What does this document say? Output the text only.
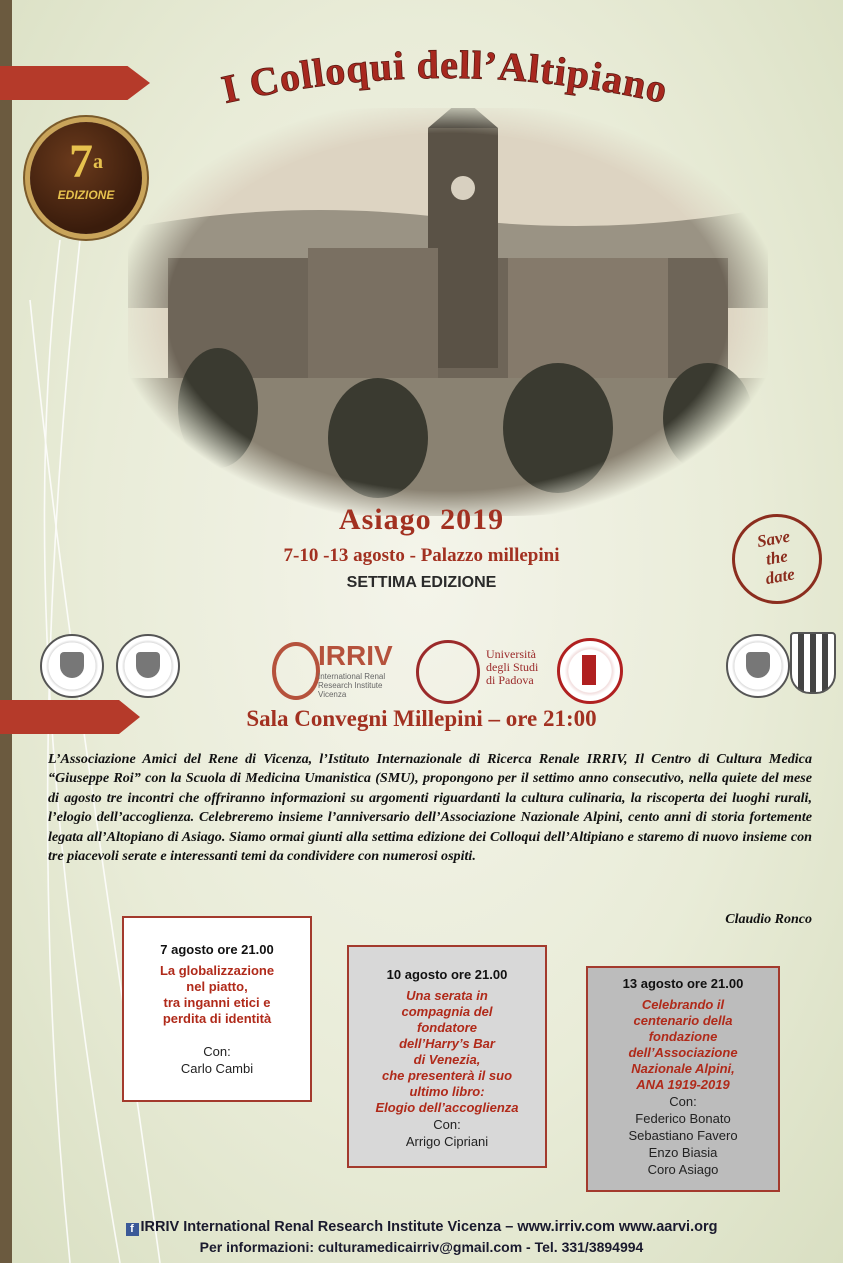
I Colloqui dell’Altipiano
7$^a$
EDIZIONE
Asiago 2019
7-10 -13 agosto - Palazzo millepini
SETTIMA EDIZIONE
Save
the
date
IRRIV
International Renal Research Institute Vicenza
Università
degli Studi
di Padova
Sala Convegni Millepini – ore 21:00
L’Associazione Amici del Rene di Vicenza, l’Istituto Internazionale di Ricerca Renale IRRIV, Il Centro di Cultura Medica “Giuseppe Roi” con la Scuola di Medicina Umanistica (SMU), propongono per il settimo anno consecutivo, nella quiete del mese di agosto tre incontri che offriranno informazioni su argomenti riguardanti la cultura culinaria, la riscoperta dei luoghi rurali, l’elogio dell’accoglienza. Celebreremo insieme l’anniversario dell’Associazione Nazionale Alpini, cento anni di storia fortemente legata all’Altopiano di Asiago. Siamo ormai giunti alla settima edizione dei Colloqui dell’Altipiano e staremo di nuovo insieme con tre piacevoli serate e interessanti temi da condividere con numerosi ospiti.
Claudio Ronco
7 agosto ore 21.00
La globalizzazione
nel piatto,
tra inganni etici e
perdita di identità
Con:
Carlo Cambi
10 agosto ore 21.00
Una serata in
compagnia del
fondatore
dell’Harry’s Bar
di Venezia,
che presenterà il suo
ultimo libro:
Elogio dell’accoglienza
Con:
Arrigo Cipriani
13 agosto ore 21.00
Celebrando il
centenario della
fondazione
dell’Associazione
Nazionale Alpini,
ANA 1919-2019
Con:
Federico Bonato
Sebastiano Favero
Enzo Biasia
Coro Asiago
f IRRIV International Renal Research Institute Vicenza – www.irriv.com www.aarvi.org
Per informazioni: culturamedicairriv@gmail.com - Tel. 331/3894994
